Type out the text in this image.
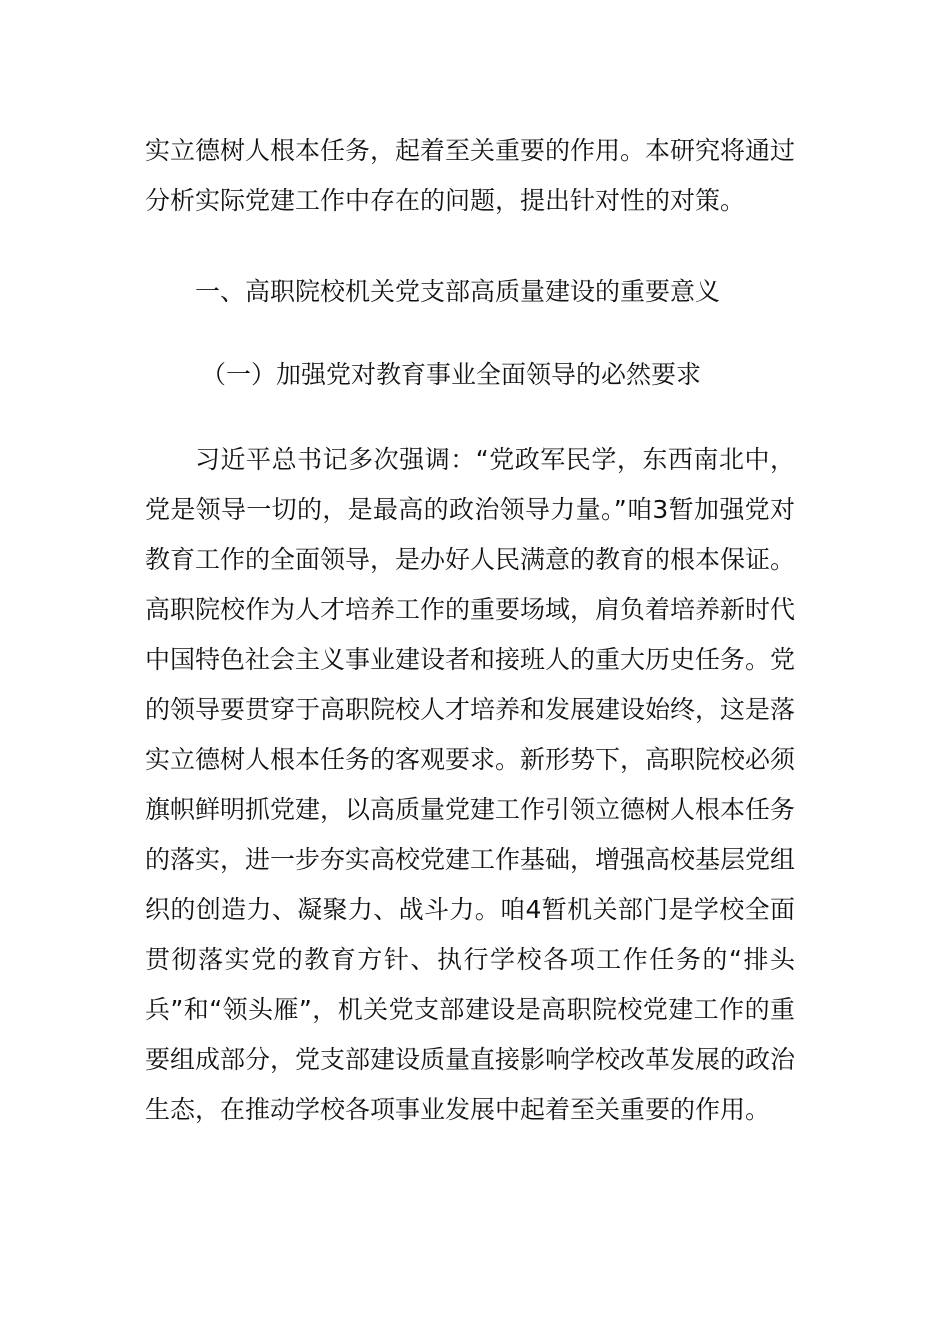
实立德树人根本任务，起着至关重要的作用。本研究将通过分析实际党建工作中存在的问题，提出针对性的对策。

一、高职院校机关党支部高质量建设的重要意义

（一）加强党对教育事业全面领导的必然要求

习近平总书记多次强调：“党政军民学，东西南北中，党是领导一切的，是最高的政治领导力量。”咱3暂加强党对教育工作的全面领导，是办好人民满意的教育的根本保证。高职院校作为人才培养工作的重要场域，肩负着培养新时代中国特色社会主义事业建设者和接班人的重大历史任务。党的领导要贯穿于高职院校人才培养和发展建设始终，这是落实立德树人根本任务的客观要求。新形势下，高职院校必须旗帜鲜明抓党建，以高质量党建工作引领立德树人根本任务的落实，进一步夯实高校党建工作基础，增强高校基层党组织的创造力、凝聚力、战斗力。咱4暂机关部门是学校全面贯彻落实党的教育方针、执行学校各项工作任务的“排头兵”和“领头雁”，机关党支部建设是高职院校党建工作的重要组成部分，党支部建设质量直接影响学校改革发展的政治生态，在推动学校各项事业发展中起着至关重要的作用。
